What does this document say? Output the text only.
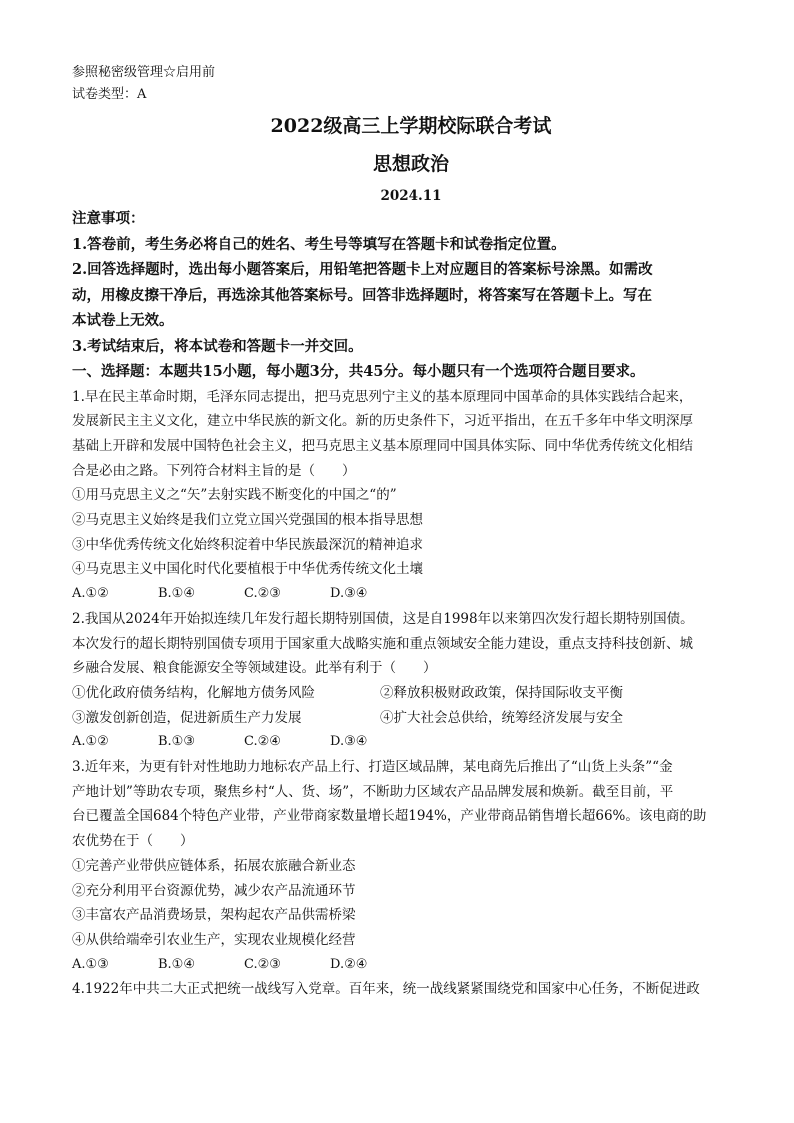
参照秘密级管理☆启用前
试卷类型：A
2022级高三上学期校际联合考试
思想政治
2024.11
注意事项：
1.答卷前，考生务必将自己的姓名、考生号等填写在答题卡和试卷指定位置。
2.回答选择题时，选出每小题答案后，用铅笔把答题卡上对应题目的答案标号涂黑。如需改
动，用橡皮擦干净后，再选涂其他答案标号。回答非选择题时，将答案写在答题卡上。写在
本试卷上无效。
3.考试结束后，将本试卷和答题卡一并交回。
一、选择题：本题共15小题，每小题3分，共45分。每小题只有一个选项符合题目要求。
1.早在民主革命时期，毛泽东同志提出，把马克思列宁主义的基本原理同中国革命的具体实践结合起来，
发展新民主主义文化，建立中华民族的新文化。新的历史条件下，习近平指出，在五千多年中华文明深厚
基础上开辟和发展中国特色社会主义，把马克思主义基本原理同中国具体实际、同中华优秀传统文化相结
合是必由之路。下列符合材料主旨的是（　　）
①用马克思主义之“矢”去射实践不断变化的中国之“的”
②马克思主义始终是我们立党立国兴党强国的根本指导思想
③中华优秀传统文化始终积淀着中华民族最深沉的精神追求
④马克思主义中国化时代化要植根于中华优秀传统文化土壤
A.①②	B.①④	C.②③	D.③④
2.我国从2024年开始拟连续几年发行超长期特别国债，这是自1998年以来第四次发行超长期特别国债。
本次发行的超长期特别国债专项用于国家重大战略实施和重点领域安全能力建设，重点支持科技创新、城
乡融合发展、粮食能源安全等领域建设。此举有利于（　　）
①优化政府债务结构，化解地方债务风险	②释放积极财政政策，保持国际收支平衡
③激发创新创造，促进新质生产力发展	④扩大社会总供给，统筹经济发展与安全
A.①②	B.①③	C.②④	D.③④
3.近年来，为更有针对性地助力地标农产品上行、打造区域品牌，某电商先后推出了“山货上头条”“金
产地计划”等助农专项，聚焦乡村“人、货、场”，不断助力区域农产品品牌发展和焕新。截至目前，平
台已覆盖全国684个特色产业带，产业带商家数量增长超194%，产业带商品销售增长超66%。该电商的助
农优势在于（　　）
①完善产业带供应链体系，拓展农旅融合新业态
②充分利用平台资源优势，减少农产品流通环节
③丰富农产品消费场景，架构起农产品供需桥梁
④从供给端牵引农业生产，实现农业规模化经营
A.①③	B.①④	C.②③	D.②④
4.1922年中共二大正式把统一战线写入党章。百年来，统一战线紧紧围绕党和国家中心任务，不断促进政
